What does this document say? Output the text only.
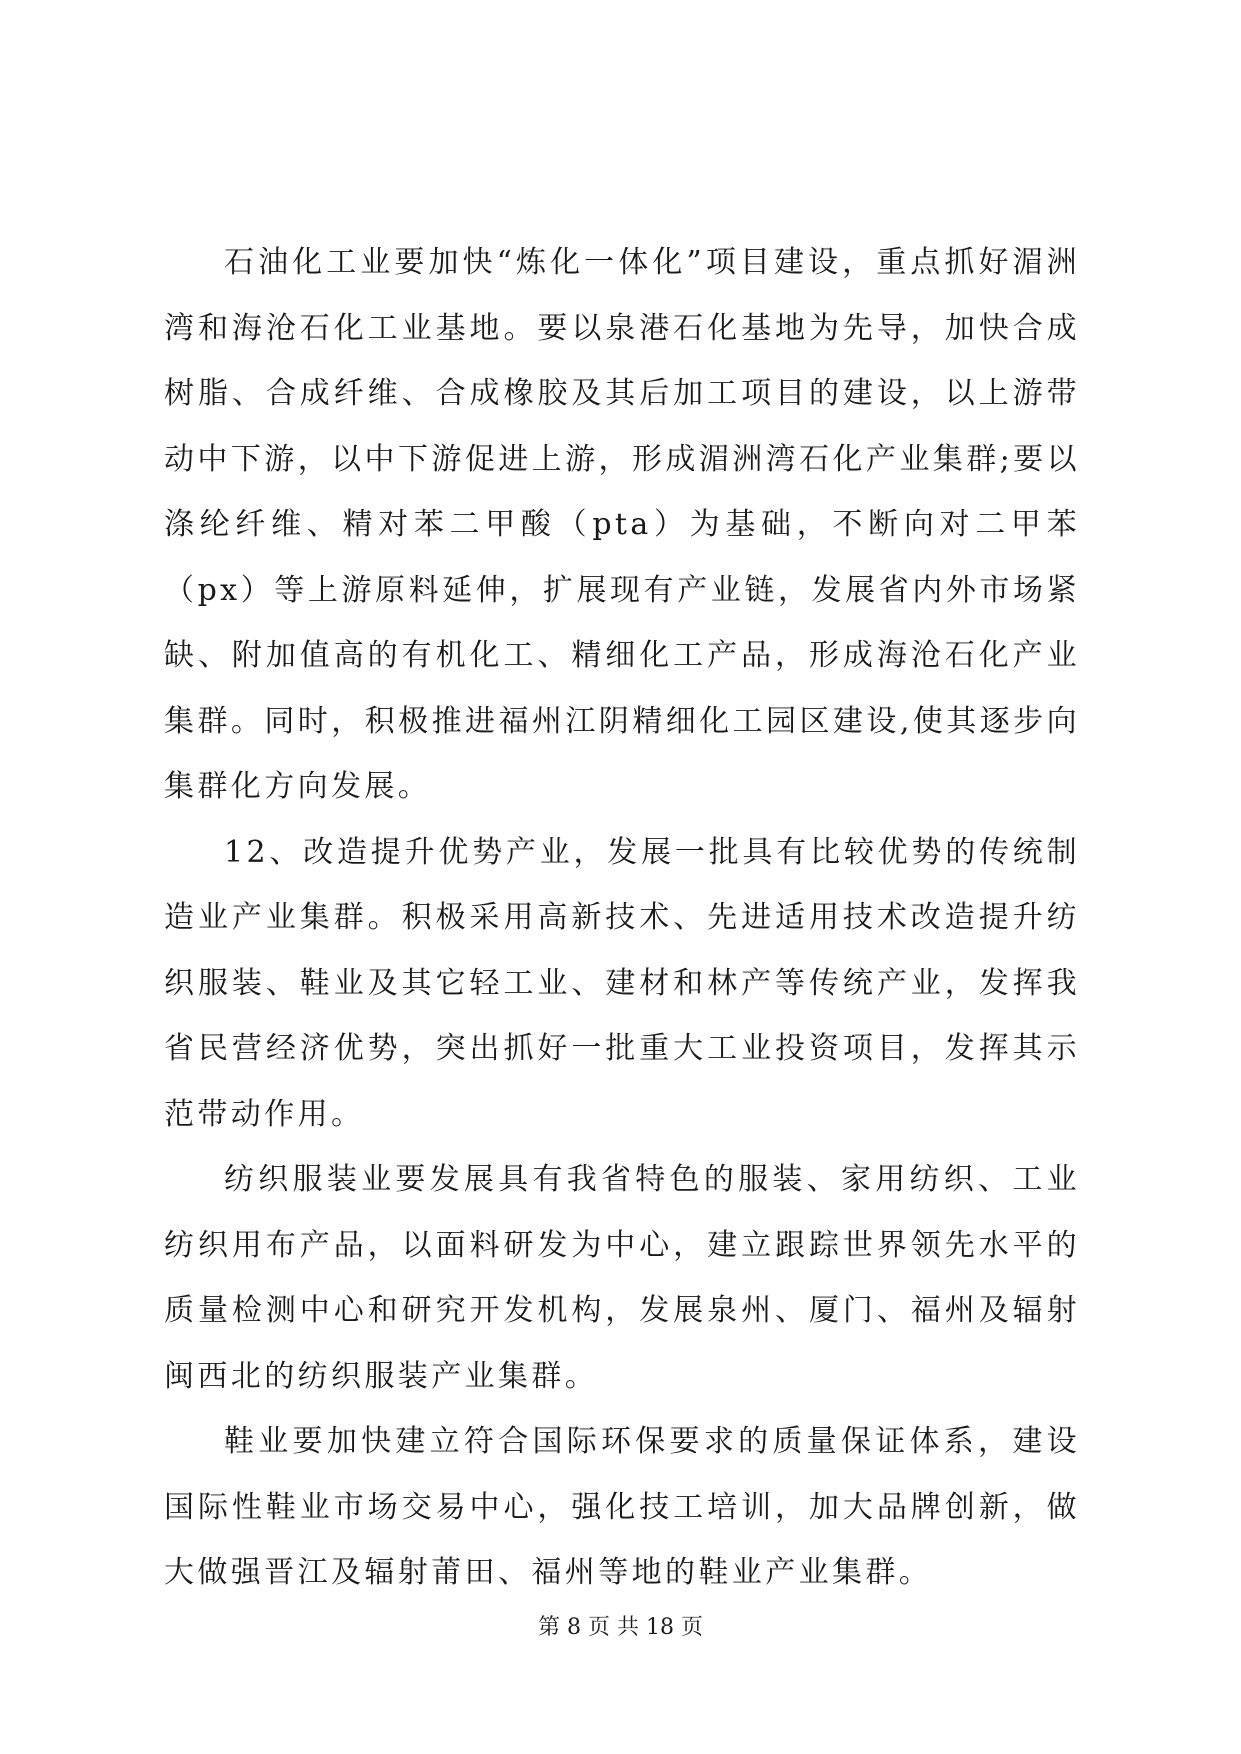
石油化工业要加快“炼化一体化”项目建设，重点抓好湄洲湾和海沧石化工业基地。要以泉港石化基地为先导，加快合成树脂、合成纤维、合成橡胶及其后加工项目的建设，以上游带动中下游，以中下游促进上游，形成湄洲湾石化产业集群;要以涤纶纤维、精对苯二甲酸（pta）为基础，不断向对二甲苯（px）等上游原料延伸，扩展现有产业链，发展省内外市场紧缺、附加值高的有机化工、精细化工产品，形成海沧石化产业集群。同时，积极推进福州江阴精细化工园区建设,使其逐步向集群化方向发展。

12、改造提升优势产业，发展一批具有比较优势的传统制造业产业集群。积极采用高新技术、先进适用技术改造提升纺织服装、鞋业及其它轻工业、建材和林产等传统产业，发挥我省民营经济优势，突出抓好一批重大工业投资项目，发挥其示范带动作用。

纺织服装业要发展具有我省特色的服装、家用纺织、工业纺织用布产品，以面料研发为中心，建立跟踪世界领先水平的质量检测中心和研究开发机构，发展泉州、厦门、福州及辐射闽西北的纺织服装产业集群。

鞋业要加快建立符合国际环保要求的质量保证体系，建设国际性鞋业市场交易中心，强化技工培训，加大品牌创新，做大做强晋江及辐射莆田、福州等地的鞋业产业集群。

第 8 页 共 18 页
